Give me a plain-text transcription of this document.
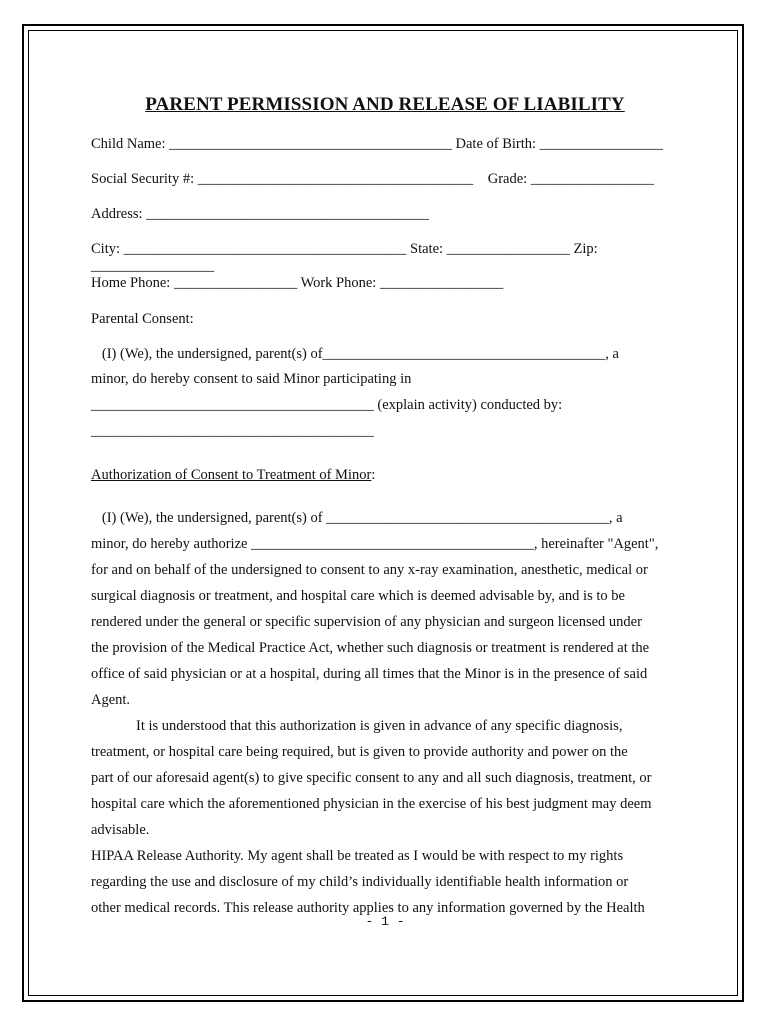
PARENT PERMISSION AND RELEASE OF LIABILITY
Child Name: _______________________________________ Date of Birth: _________________
Social Security #: ______________________________________    Grade: _________________
Address: _______________________________________
City: _______________________________________ State: _________________ Zip:
_________________
Home Phone: _________________ Work Phone: _________________
Parental Consent:
(I) (We), the undersigned, parent(s) of_______________________________________, a
minor, do hereby consent to said Minor participating in
_______________________________________ (explain activity) conducted by:
_______________________________________
Authorization of Consent to Treatment of Minor:
(I) (We), the undersigned, parent(s) of _______________________________________, a
minor, do hereby authorize _______________________________________, hereinafter "Agent",
for and on behalf of the undersigned to consent to any x-ray examination, anesthetic, medical or
surgical diagnosis or treatment, and hospital care which is deemed advisable by, and is to be
rendered under the general or specific supervision of any physician and surgeon licensed under
the provision of the Medical Practice Act, whether such diagnosis or treatment is rendered at the
office of said physician or at a hospital, during all times that the Minor is in the presence of said
Agent.
It is understood that this authorization is given in advance of any specific diagnosis,
treatment, or hospital care being required, but is given to provide authority and power on the
part of our aforesaid agent(s) to give specific consent to any and all such diagnosis, treatment, or
hospital care which the aforementioned physician in the exercise of his best judgment may deem
advisable.
HIPAA Release Authority. My agent shall be treated as I would be with respect to my rights
regarding the use and disclosure of my child’s individually identifiable health information or
other medical records. This release authority applies to any information governed by the Health
- 1 -
